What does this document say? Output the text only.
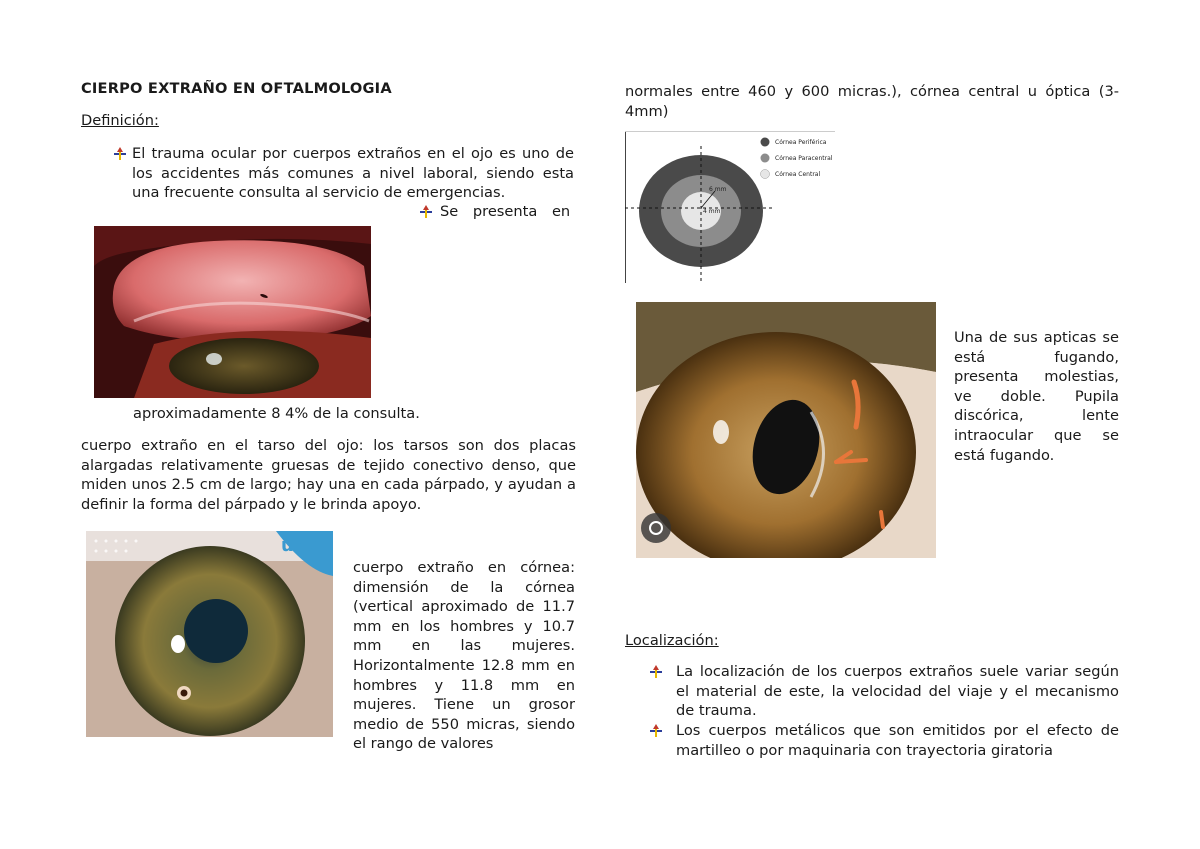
CIERPO EXTRAÑO EN OFTALMOLOGIA
Definición:
El trauma ocular por cuerpos extraños en el ojo es uno de los accidentes más comunes a nivel laboral, siendo esta una frecuente consulta al servicio de emergencias.
Se presenta en
aproximadamente 8 4% de la consulta.
cuerpo extraño en el tarso del ojo: los tarsos son dos placas alargadas relativamente gruesas de tejido conectivo denso, que miden unos 2.5 cm de largo; hay una en cada párpado, y ayudan a definir la forma del párpado y le brinda apoyo.
uno
cuerpo extraño en córnea: dimensión de la córnea (vertical aproximado de 11.7 mm en los hombres y 10.7 mm en las mujeres. Horizontalmente 12.8 mm en hombres y 11.8 mm en mujeres. Tiene un grosor medio de 550 micras, siendo el rango de valores
normales entre 460 y 600 micras.), córnea central u óptica (3-4mm)
4 mm
6 mm
Córnea Periférica
Córnea Paracentral
Córnea Central
Una de sus apticas se está fugando, presenta molestias, ve doble. Pupila discórica, lente intraocular que se está fugando.
Localización:
La localización de los cuerpos extraños suele variar según el material de este, la velocidad del viaje y el mecanismo de trauma.
Los cuerpos metálicos que son emitidos por el efecto de martilleo o por maquinaria con trayectoria giratoria
